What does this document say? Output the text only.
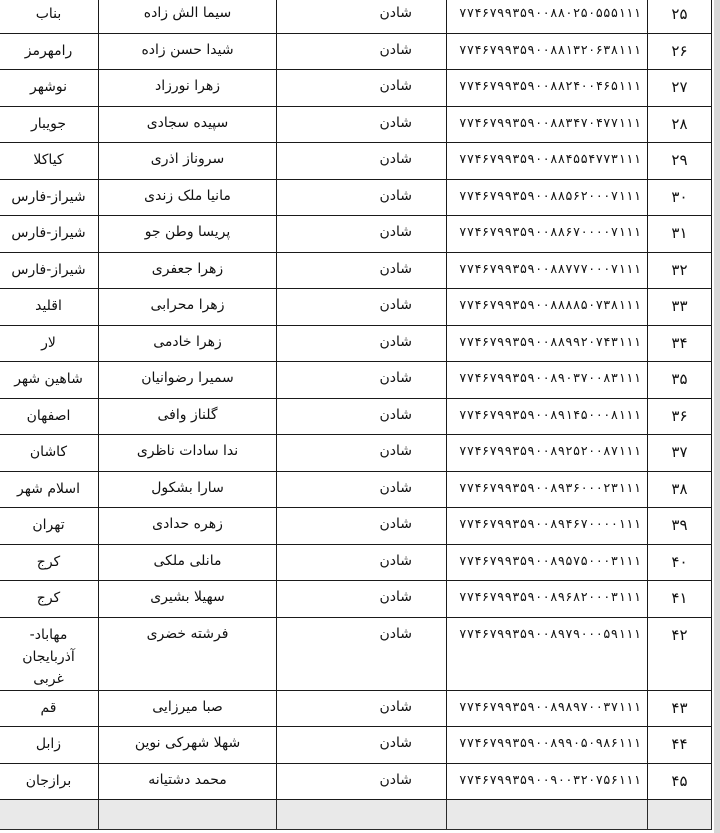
۲۵	۷۷۴۶۷۹۹۳۵۹۰۰۸۸۰۲۵۰۵۵۵۱۱۱	شادن	سیما الش زاده	بناب
۲۶	۷۷۴۶۷۹۹۳۵۹۰۰۸۸۱۳۲۰۶۳۸۱۱۱	شادن	شیدا حسن زاده	رامهرمز
۲۷	۷۷۴۶۷۹۹۳۵۹۰۰۸۸۲۴۰۰۴۶۵۱۱۱	شادن	زهرا نورزاد	نوشهر
۲۸	۷۷۴۶۷۹۹۳۵۹۰۰۸۸۳۴۷۰۴۷۷۱۱۱	شادن	سپیده سجادی	جویبار
۲۹	۷۷۴۶۷۹۹۳۵۹۰۰۸۸۴۵۵۴۷۷۳۱۱۱	شادن	سروناز اذری	کیاکلا
۳۰	۷۷۴۶۷۹۹۳۵۹۰۰۸۸۵۶۲۰۰۰۷۱۱۱	شادن	مانیا ملک زندی	شیراز-فارس
۳۱	۷۷۴۶۷۹۹۳۵۹۰۰۸۸۶۷۰۰۰۰۷۱۱۱	شادن	پریسا وطن جو	شیراز-فارس
۳۲	۷۷۴۶۷۹۹۳۵۹۰۰۸۸۷۷۷۰۰۰۷۱۱۱	شادن	زهرا جعفری	شیراز-فارس
۳۳	۷۷۴۶۷۹۹۳۵۹۰۰۸۸۸۸۵۰۷۳۸۱۱۱	شادن	زهرا محرابی	اقلید
۳۴	۷۷۴۶۷۹۹۳۵۹۰۰۸۸۹۹۲۰۷۴۳۱۱۱	شادن	زهرا خادمی	لار
۳۵	۷۷۴۶۷۹۹۳۵۹۰۰۸۹۰۳۷۰۰۸۳۱۱۱	شادن	سمیرا رضوانیان	شاهین شهر
۳۶	۷۷۴۶۷۹۹۳۵۹۰۰۸۹۱۴۵۰۰۰۸۱۱۱	شادن	گلناز وافی	اصفهان
۳۷	۷۷۴۶۷۹۹۳۵۹۰۰۸۹۲۵۲۰۰۸۷۱۱۱	شادن	ندا سادات ناظری	کاشان
۳۸	۷۷۴۶۷۹۹۳۵۹۰۰۸۹۳۶۰۰۰۲۳۱۱۱	شادن	سارا بشکول	اسلام شهر
۳۹	۷۷۴۶۷۹۹۳۵۹۰۰۸۹۴۶۷۰۰۰۰۱۱۱	شادن	زهره حدادی	تهران
۴۰	۷۷۴۶۷۹۹۳۵۹۰۰۸۹۵۷۵۰۰۰۳۱۱۱	شادن	مانلی ملکی	کرج
۴۱	۷۷۴۶۷۹۹۳۵۹۰۰۸۹۶۸۲۰۰۰۳۱۱۱	شادن	سهیلا بشیری	کرج
۴۲	۷۷۴۶۷۹۹۳۵۹۰۰۸۹۷۹۰۰۰۵۹۱۱۱	شادن	فرشته خضری	مهاباد-آذربایجان غربی
۴۳	۷۷۴۶۷۹۹۳۵۹۰۰۸۹۸۹۷۰۰۳۷۱۱۱	شادن	صبا میرزایی	قم
۴۴	۷۷۴۶۷۹۹۳۵۹۰۰۸۹۹۰۵۰۹۸۶۱۱۱	شادن	شهلا شهرکی نوین	زابل
۴۵	۷۷۴۶۷۹۹۳۵۹۰۰۹۰۰۳۲۰۷۵۶۱۱۱	شادن	محمد دشتیانه	برازجان
